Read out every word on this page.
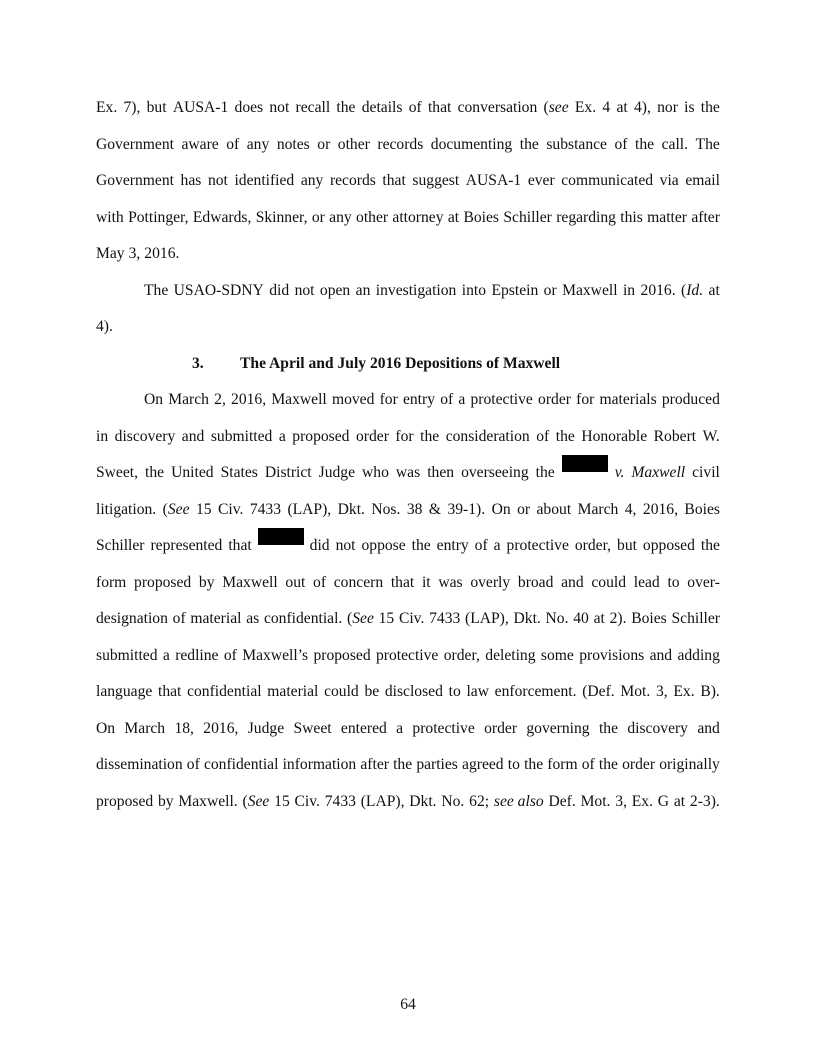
Ex. 7), but AUSA-1 does not recall the details of that conversation (see Ex. 4 at 4), nor is the
Government aware of any notes or other records documenting the substance of the call. The
Government has not identified any records that suggest AUSA-1 ever communicated via email
with Pottinger, Edwards, Skinner, or any other attorney at Boies Schiller regarding this matter after
May 3, 2016.
The USAO-SDNY did not open an investigation into Epstein or Maxwell in 2016. (Id. at
4).
3.	The April and July 2016 Depositions of Maxwell
On March 2, 2016, Maxwell moved for entry of a protective order for materials produced
in discovery and submitted a proposed order for the consideration of the Honorable Robert W.
Sweet, the United States District Judge who was then overseeing the	v. Maxwell civil
litigation. (See 15 Civ. 7433 (LAP), Dkt. Nos. 38 & 39-1). On or about March 4, 2016, Boies
Schiller represented that	did not oppose the entry of a protective order, but opposed the
form proposed by Maxwell out of concern that it was overly broad and could lead to over-
designation of material as confidential. (See 15 Civ. 7433 (LAP), Dkt. No. 40 at 2). Boies Schiller
submitted a redline of Maxwell’s proposed protective order, deleting some provisions and adding
language that confidential material could be disclosed to law enforcement. (Def. Mot. 3, Ex. B).
On March 18, 2016, Judge Sweet entered a protective order governing the discovery and
dissemination of confidential information after the parties agreed to the form of the order originally
proposed by Maxwell. (See 15 Civ. 7433 (LAP), Dkt. No. 62; see also Def. Mot. 3, Ex. G at 2-3).
64
